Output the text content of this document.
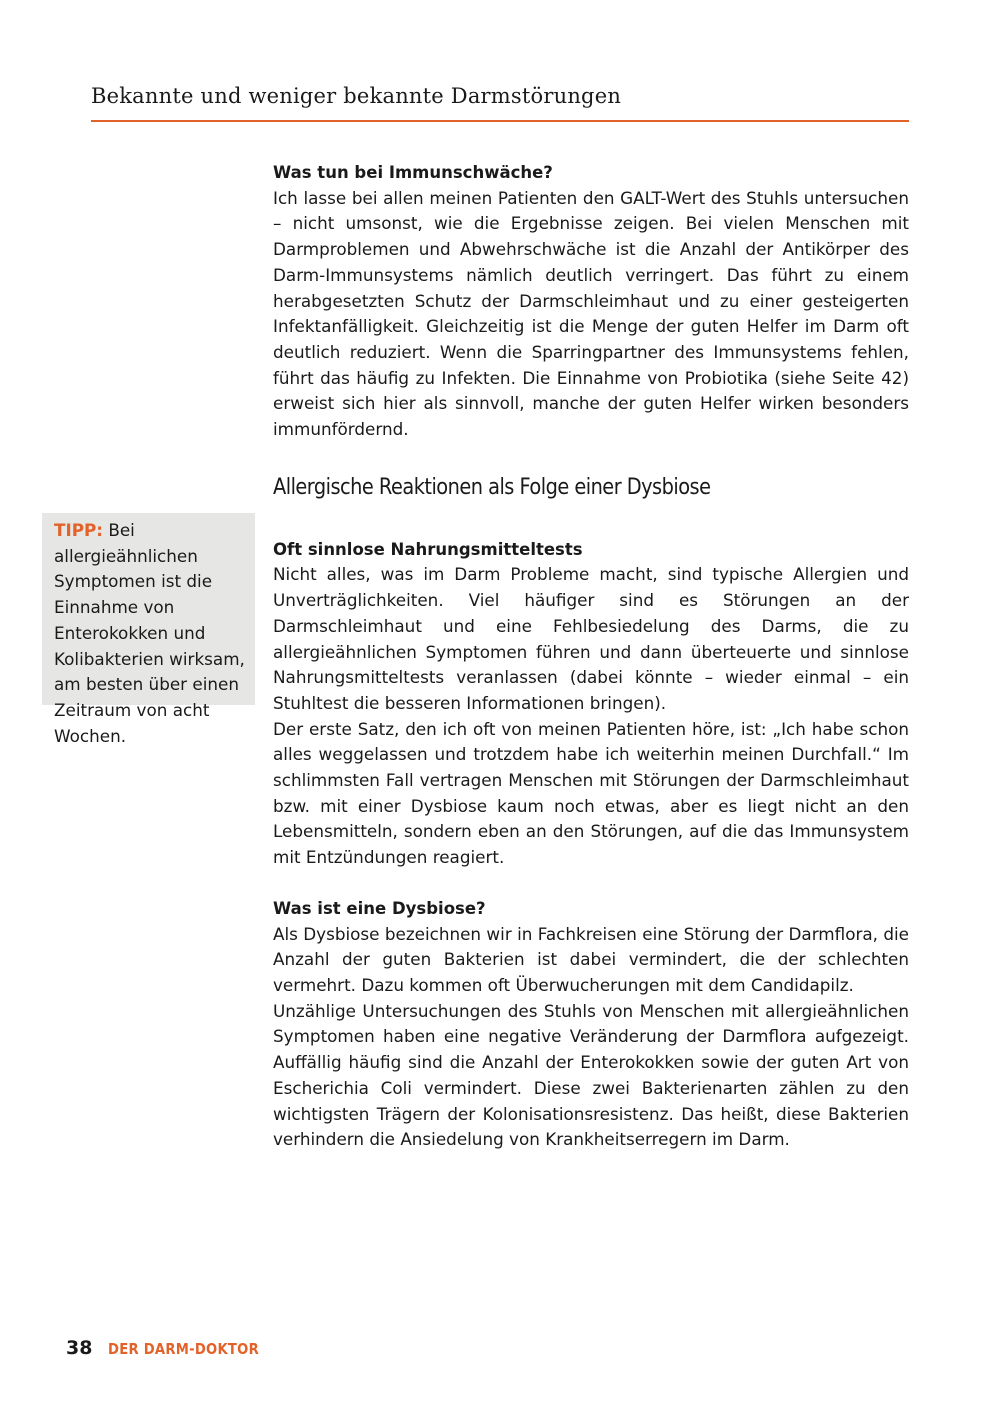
Bekannte und weniger bekannte Darmstörungen
Was tun bei Immunschwäche?

Ich lasse bei allen meinen Patienten den GALT-Wert des Stuhls untersuchen – nicht umsonst, wie die Ergebnisse zeigen. Bei vielen Menschen mit Darmproblemen und Abwehrschwäche ist die Anzahl der Antikörper des Darm-Immunsystems nämlich deutlich verringert. Das führt zu einem herabgesetzten Schutz der Darmschleimhaut und zu einer gesteigerten Infektanfälligkeit. Gleichzeitig ist die Menge der guten Helfer im Darm oft deutlich reduziert. Wenn die Sparringpartner des Immunsystems fehlen, führt das häufig zu Infekten. Die Einnahme von Probiotika (siehe Seite 42) erweist sich hier als sinnvoll, manche der guten Helfer wirken besonders immunfördernd.

Allergische Reaktionen als Folge einer Dysbiose
Oft sinnlose Nahrungsmitteltests

Nicht alles, was im Darm Probleme macht, sind typische Allergien und Unverträglichkeiten. Viel häufiger sind es Störungen an der Darmschleimhaut und eine Fehlbesiedelung des Darms, die zu allergieähnlichen Symptomen führen und dann überteuerte und sinnlose Nahrungsmitteltests veranlassen (dabei könnte – wieder einmal – ein Stuhltest die besseren Informationen bringen).

Der erste Satz, den ich oft von meinen Patienten höre, ist: „Ich habe schon alles weggelassen und trotzdem habe ich weiterhin meinen Durchfall.“ Im schlimmsten Fall vertragen Menschen mit Störungen der Darmschleimhaut bzw. mit einer Dysbiose kaum noch etwas, aber es liegt nicht an den Lebensmitteln, sondern eben an den Störungen, auf die das Immunsystem mit Entzündungen reagiert.

Was ist eine Dysbiose?

Als Dysbiose bezeichnen wir in Fachkreisen eine Störung der Darmflora, die Anzahl der guten Bakterien ist dabei vermindert, die der schlechten vermehrt. Dazu kommen oft Überwucherungen mit dem Candidapilz.

Unzählige Untersuchungen des Stuhls von Menschen mit allergieähnlichen Symptomen haben eine negative Veränderung der Darmflora aufgezeigt. Auffällig häufig sind die Anzahl der Enterokokken sowie der guten Art von Escherichia Coli vermindert. Diese zwei Bakterienarten zählen zu den wichtigsten Trägern der Kolonisationsresistenz. Das heißt, diese Bakterien verhindern die Ansiedelung von Krankheitserregern im Darm.

TIPP: Bei allergieähnlichen Symptomen ist die Einnahme von Enterokokken und Kolibakterien wirksam, am besten über einen Zeitraum von acht Wochen.

38 DER DARM-DOKTOR
